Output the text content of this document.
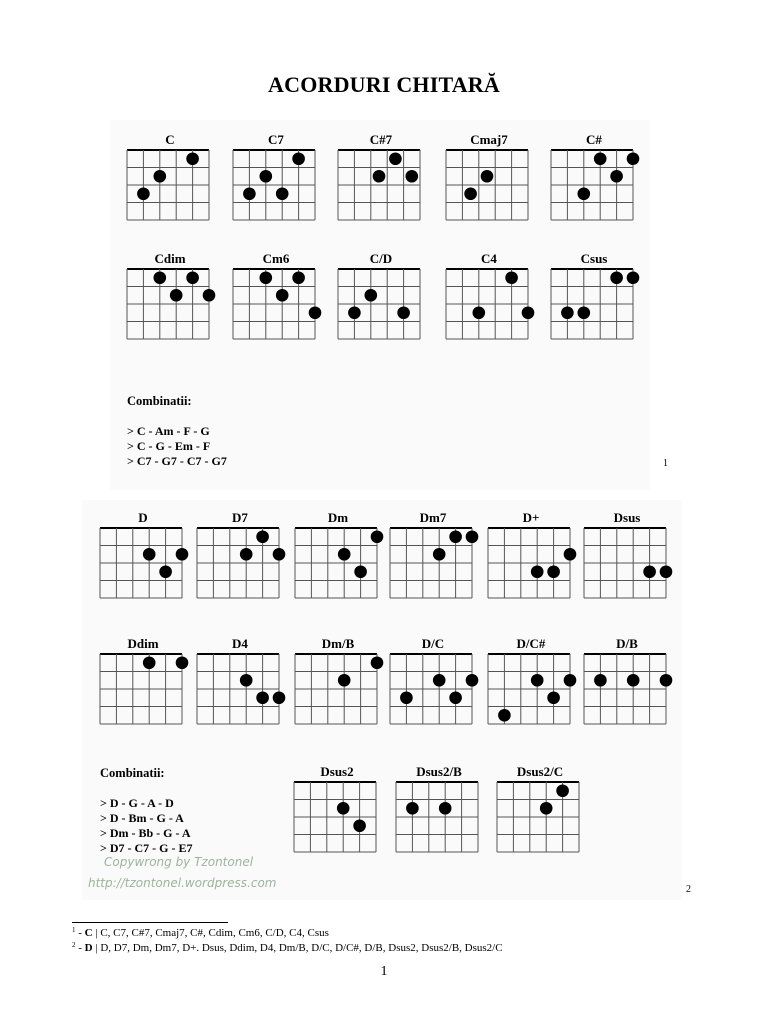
ACORDURI CHITARĂ
C	C7	C#7	Cmaj7	C#
Cdim	Cm6	C/D	C4	Csus
Combinatii:
> C - Am - F - G
> C - G - Em - F
> C7 - G7 - C7 - G7	1
D	D7	Dm	Dm7	D+	Dsus
Ddim	D4	Dm/B	D/C	D/C#	D/B
Dsus2	Dsus2/B	Dsus2/C
Combinatii:
> D - G - A - D
> D - Bm - G - A
> Dm - Bb - G - A
> D7 - C7 - G - E7
Copywrong by Tzontonel
http://tzontonel.wordpress.com	2
$^1$ - C | C, C7, C#7, Cmaj7, C#, Cdim, Cm6, C/D, C4, Csus
$^2$ - D | D, D7, Dm, Dm7, D+. Dsus, Ddim, D4, Dm/B, D/C, D/C#, D/B, Dsus2, Dsus2/B, Dsus2/C
1
